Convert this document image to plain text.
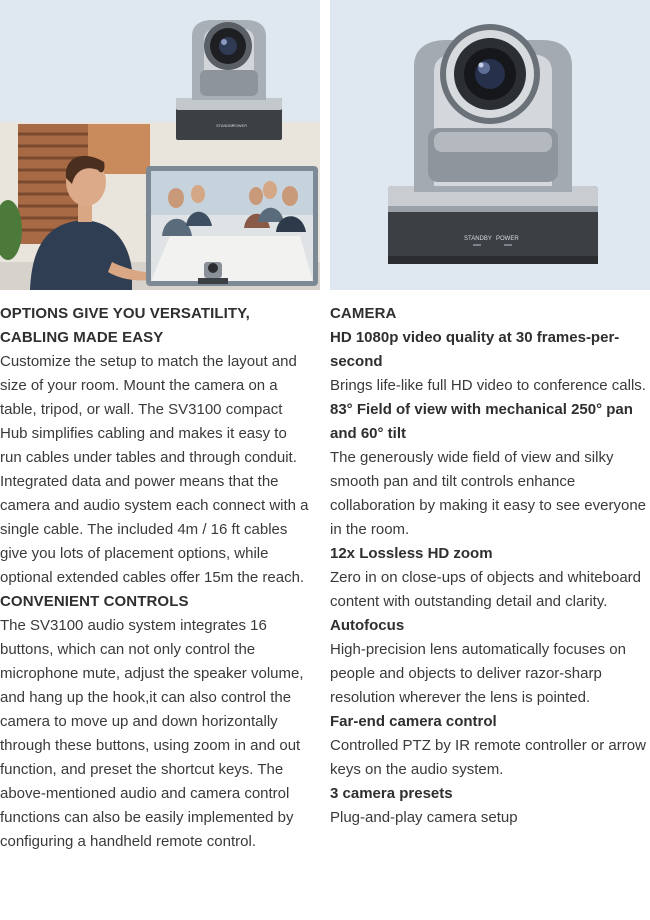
STANDBY
POWER
STANDBY POWER
OPTIONS GIVE YOU VERSATILITY, CABLING MADE EASY

Customize the setup to match the layout and size of your room. Mount the camera on a table, tripod, or wall. The SV3100 compact Hub simplifies cabling and makes it easy to run cables under tables and through conduit. Integrated data and power means that the camera and audio system each connect with a single cable. The included 4m / 16 ft cables give you lots of placement options, while optional extended cables offer 15m the reach.

CONVENIENT CONTROLS

The SV3100 audio system integrates 16 buttons, which can not only control the microphone mute, adjust the speaker volume, and hang up the hook,it can also control the camera to move up and down horizontally through these buttons, using zoom in and out function, and preset the shortcut keys. The above-mentioned audio and camera control functions can also be easily implemented by configuring a handheld remote control.

CAMERA

HD 1080p video quality at 30 frames-per-second

Brings life-like full HD video to conference calls.

83° Field of view with mechanical 250° pan and 60° tilt

The generously wide field of view and silky smooth pan and tilt controls enhance collaboration by making it easy to see everyone in the room.

12x Lossless HD zoom

Zero in on close-ups of objects and whiteboard content with outstanding detail and clarity.

Autofocus

High-precision lens automatically focuses on people and objects to deliver razor-sharp resolution wherever the lens is pointed.

Far-end camera control

Controlled PTZ by IR remote controller or arrow keys on the audio system.

3 camera presets

Plug-and-play camera setup
